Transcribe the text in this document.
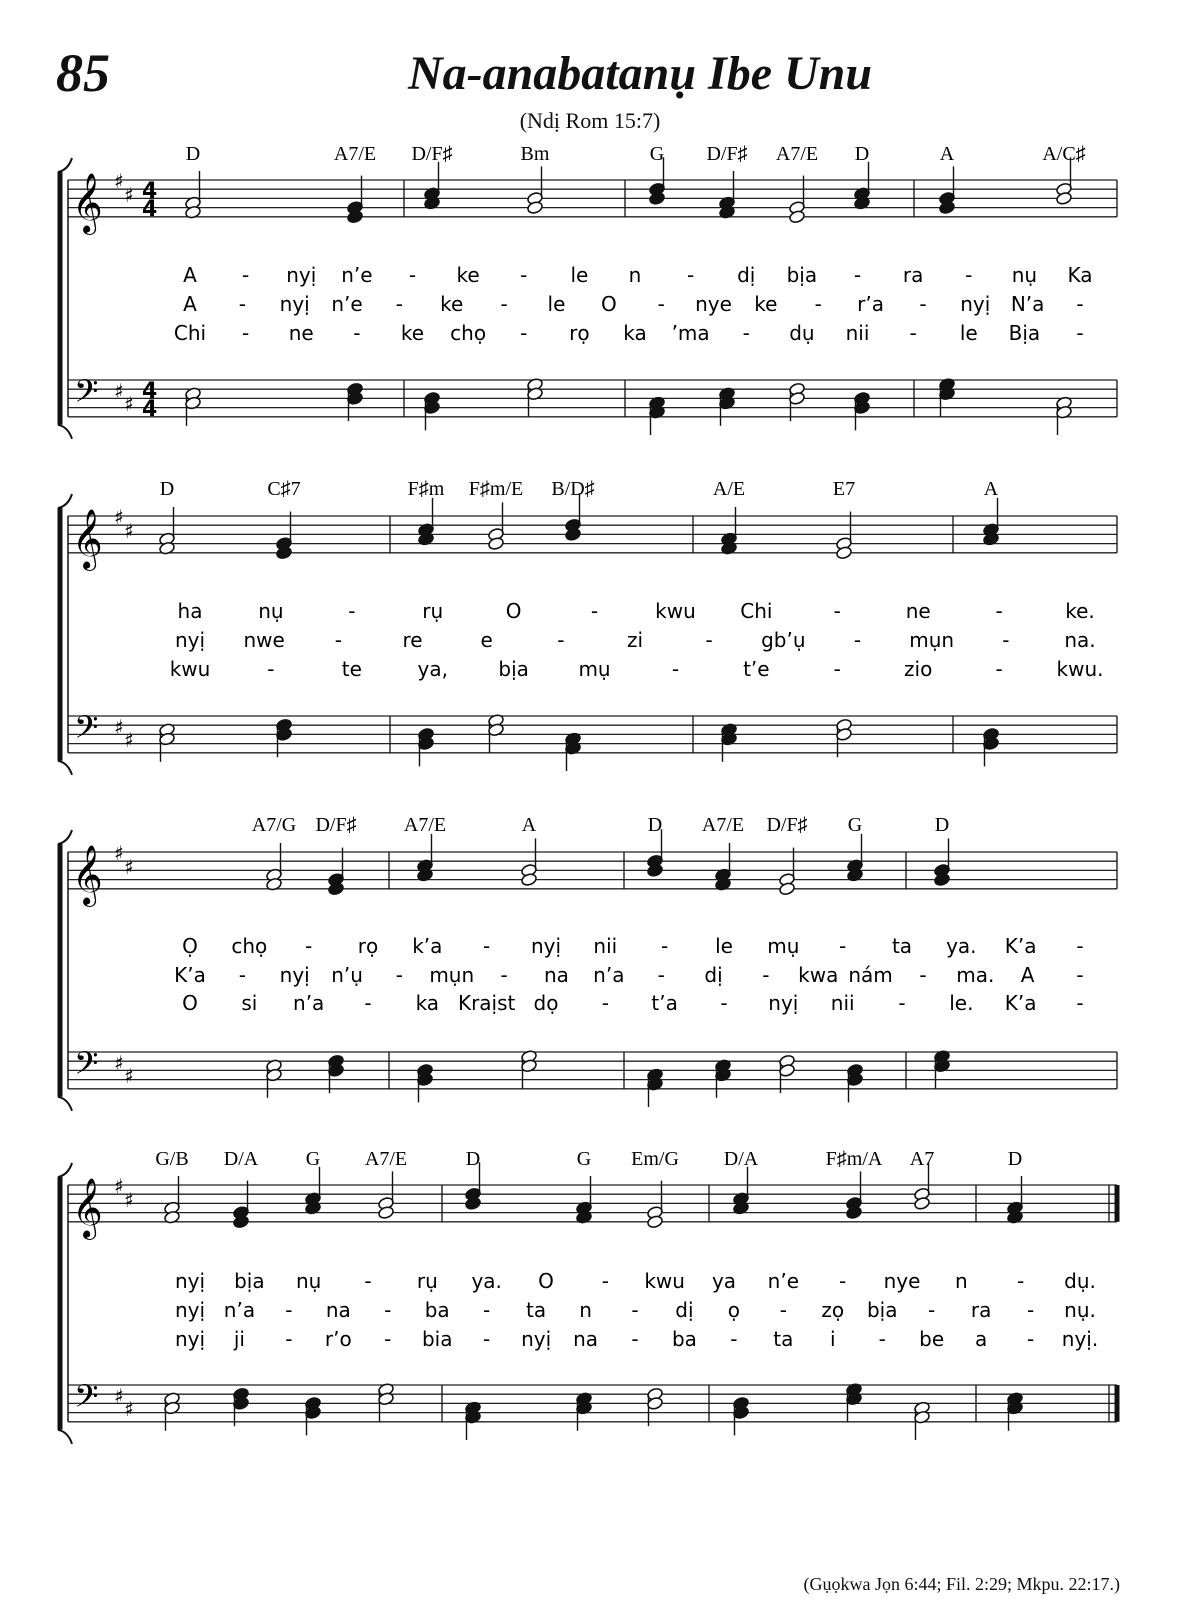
85	Na-anabatanụ Ibe Unu
(Ndị Rom 15:7)
𝄞
𝄢
♯
♯
♯
♯
4
4
4
4
D	A7/E D/F♯	Bm	G D/F♯ A7/E D	A	A/C♯
A - nyị n’e - ke - le n - dị bịa - ra - nụ Ka
A - nyị n’e - ke - le O - nye ke - r’a - nyị N’a -
Chi - ne - ke chọ - rọ ka ’ma - dụ nii - le Bịa -
𝄞
𝄢
♯
♯
♯
♯
D	C♯7	F♯m F♯m/E B/D♯	A/E	E7	A
ha	nụ	-	rụ	O	-	kwu Chi	-	ne	-	ke.
nyị nwe -	re	e	-	zi	- gb’ụ - mụn -	na.
kwu	-	te	ya,	bịa mụ	-	t’e	-	zio	-	kwu.
𝄞
𝄢
♯
♯
♯
♯
A7/G D/F♯ A7/E	A	D A7/E D/F♯ G	D
Ọ chọ - rọ k’a - nyị nii - le mụ - ta ya. K’a -
K’a - nyị n’ụ - mụn - na n’a - dị - kwa nám - ma. A -
O si n’a - ka Kraịst dọ - t’a - nyị nii - le. K’a -
𝄞
𝄢
♯
♯
♯
♯
G/B D/A G A7/E	D	G Em/G D/A	F♯m/A A7	D
nyị bịa nụ - rụ ya. O - kwu ya n’e - nye n - dụ.
nyị n’a - na - ba - ta n - dị ọ - zọ bịa - ra - nụ.
nyị ji - r’o - bia - nyị na - ba - ta i - be a - nyị.
(Gụọkwa Jọn 6:44; Fil. 2:29; Mkpu. 22:17.)
